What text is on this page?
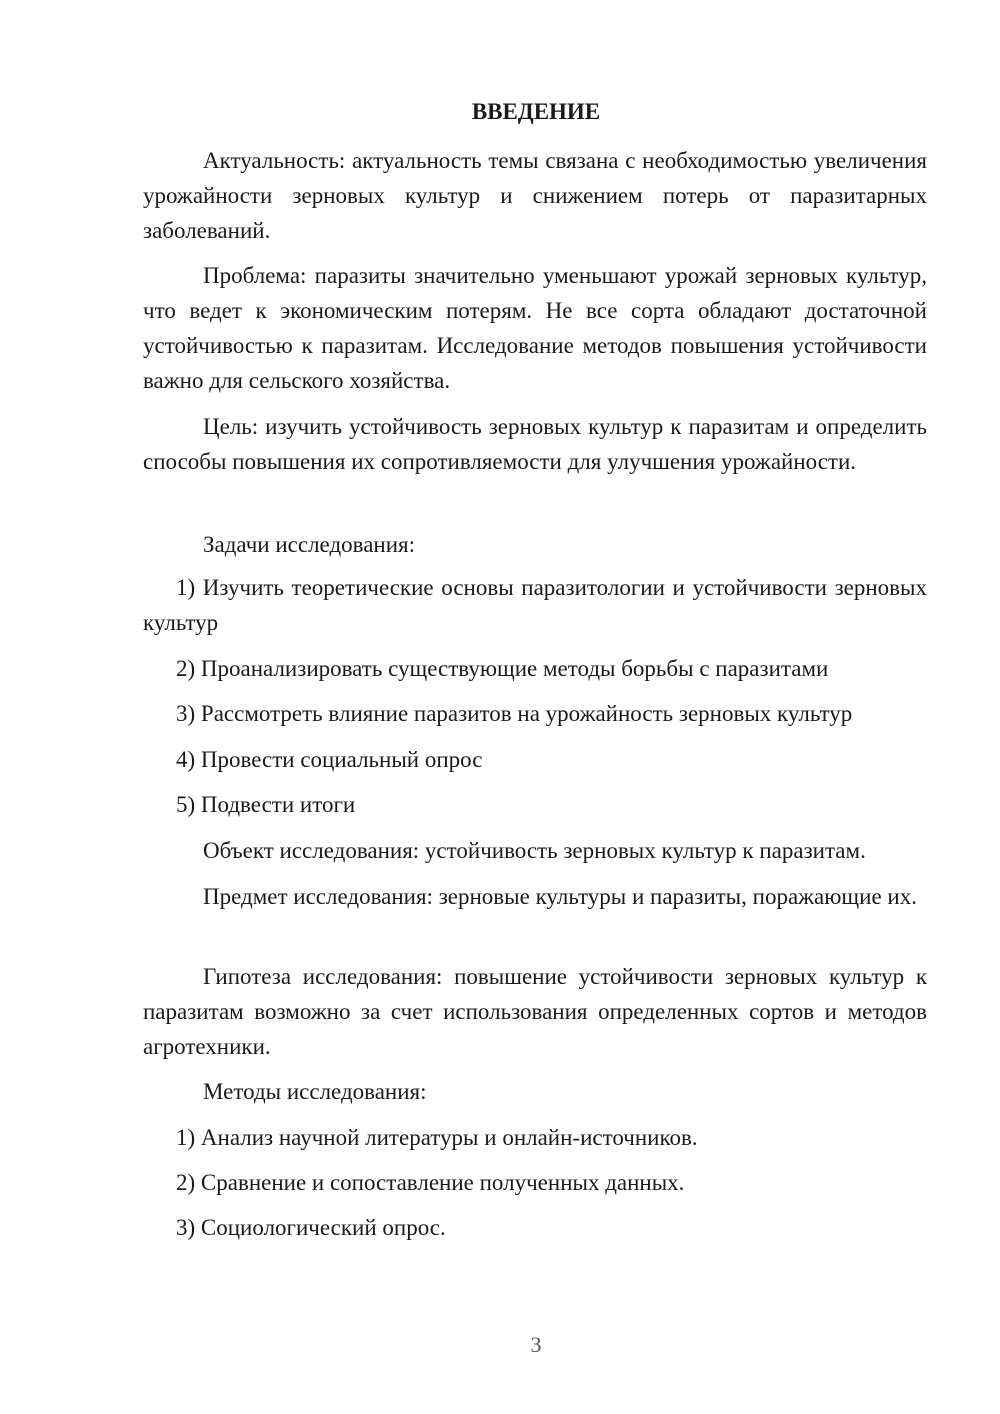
ВВЕДЕНИЕ

Актуальность: актуальность темы связана с необходимостью увеличения урожайности зерновых культур и снижением потерь от паразитарных заболеваний.

Проблема: паразиты значительно уменьшают урожай зерновых культур, что ведет к экономическим потерям. Не все сорта обладают достаточной устойчивостью к паразитам. Исследование методов повышения устойчивости важно для сельского хозяйства.

Цель: изучить устойчивость зерновых культур к паразитам и определить способы повышения их сопротивляемости для улучшения урожайности.

Задачи исследования:

1) Изучить теоретические основы паразитологии и устойчивости зерновых культур

2) Проанализировать существующие методы борьбы с паразитами

3) Рассмотреть влияние паразитов на урожайность зерновых культур

4) Провести социальный опрос

5) Подвести итоги

Объект исследования: устойчивость зерновых культур к паразитам.

Предмет исследования: зерновые культуры и паразиты, поражающие их.

Гипотеза исследования: повышение устойчивости зерновых культур к паразитам возможно за счет использования определенных сортов и методов агротехники.

Методы исследования:

1) Анализ научной литературы и онлайн-источников.

2) Сравнение и сопоставление полученных данных.

3) Социологический опрос.

3
